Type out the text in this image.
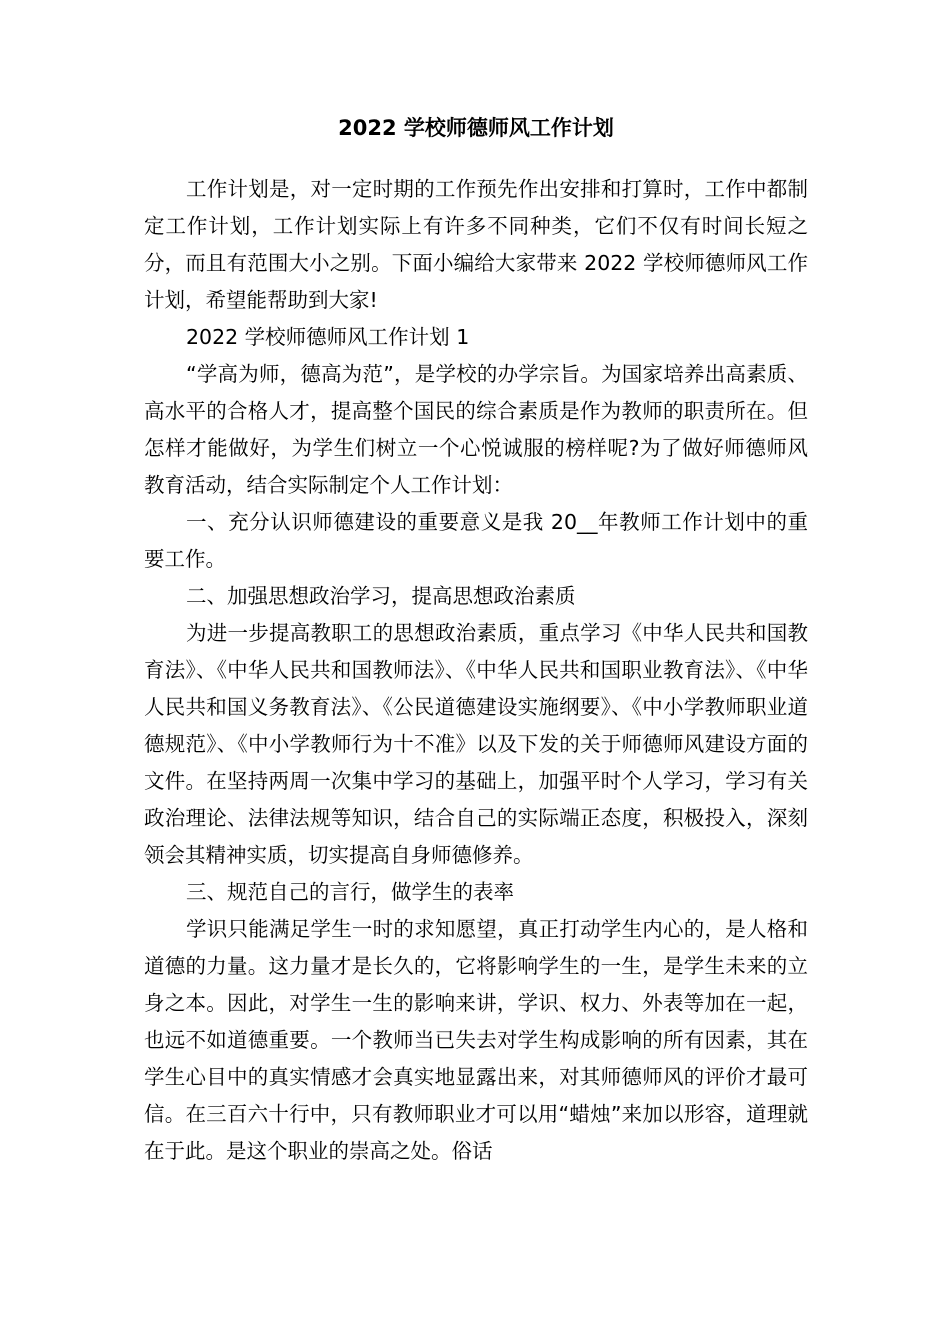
2022 学校师德师风工作计划

工作计划是，对一定时期的工作预先作出安排和打算时，工作中都制定工作计划，工作计划实际上有许多不同种类，它们不仅有时间长短之分，而且有范围大小之别。下面小编给大家带来 2022 学校师德师风工作计划，希望能帮助到大家!

2022 学校师德师风工作计划 1

“学高为师，德高为范”，是学校的办学宗旨。为国家培养出高素质、高水平的合格人才，提高整个国民的综合素质是作为教师的职责所在。但怎样才能做好，为学生们树立一个心悦诚服的榜样呢?为了做好师德师风教育活动，结合实际制定个人工作计划：

一、充分认识师德建设的重要意义是我 20__年教师工作计划中的重要工作。

二、加强思想政治学习，提高思想政治素质

为进一步提高教职工的思想政治素质，重点学习《中华人民共和国教育法》、《中华人民共和国教师法》、《中华人民共和国职业教育法》、《中华人民共和国义务教育法》、《公民道德建设实施纲要》、《中小学教师职业道德规范》、《中小学教师行为十不准》以及下发的关于师德师风建设方面的文件。在坚持两周一次集中学习的基础上，加强平时个人学习，学习有关政治理论、法律法规等知识，结合自己的实际端正态度，积极投入，深刻领会其精神实质，切实提高自身师德修养。

三、规范自己的言行，做学生的表率

学识只能满足学生一时的求知愿望，真正打动学生内心的，是人格和道德的力量。这力量才是长久的，它将影响学生的一生，是学生未来的立身之本。因此，对学生一生的影响来讲，学识、权力、外表等加在一起，也远不如道德重要。一个教师当已失去对学生构成影响的所有因素，其在学生心目中的真实情感才会真实地显露出来，对其师德师风的评价才最可信。在三百六十行中，只有教师职业才可以用“蜡烛”来加以形容，道理就在于此。是这个职业的崇高之处。俗话
